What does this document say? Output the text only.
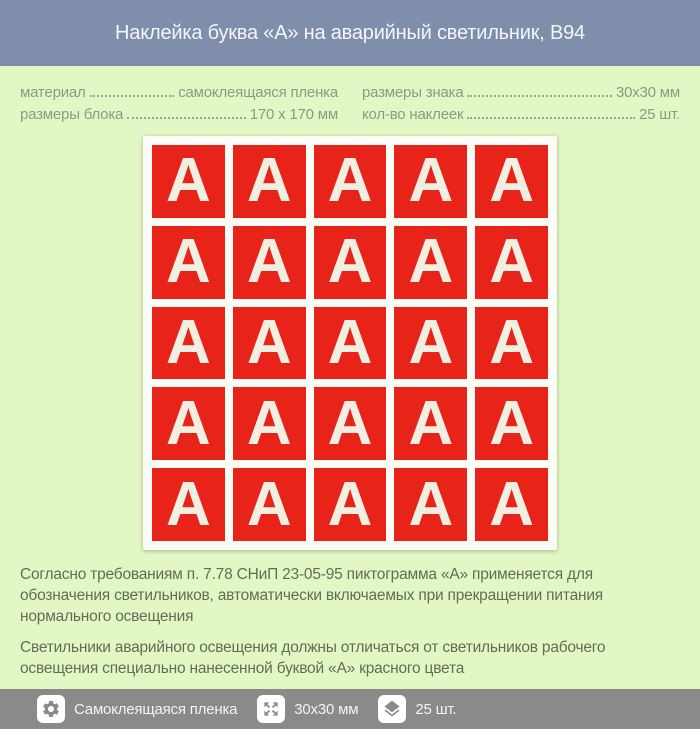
Наклейка буква «А» на аварийный светильник, В94
материал	самоклеящаяся пленка
размеры блока	170 x 170 мм
размеры знака	30х30 мм
кол-во наклеек	25 шт.
А А А А А
А А А А А
А А А А А
А А А А А
А А А А А

Согласно требованиям п. 7.78 СНиП 23-05-95 пиктограмма «А» применяется для обозначения светильников, автоматически включаемых при прекращении питания нормального освещения

Светильники аварийного освещения должны отличаться от светильников рабочего освещения специально нанесенной буквой «А» красного цвета

Самоклеящаяся пленка	30х30 мм	25 шт.
